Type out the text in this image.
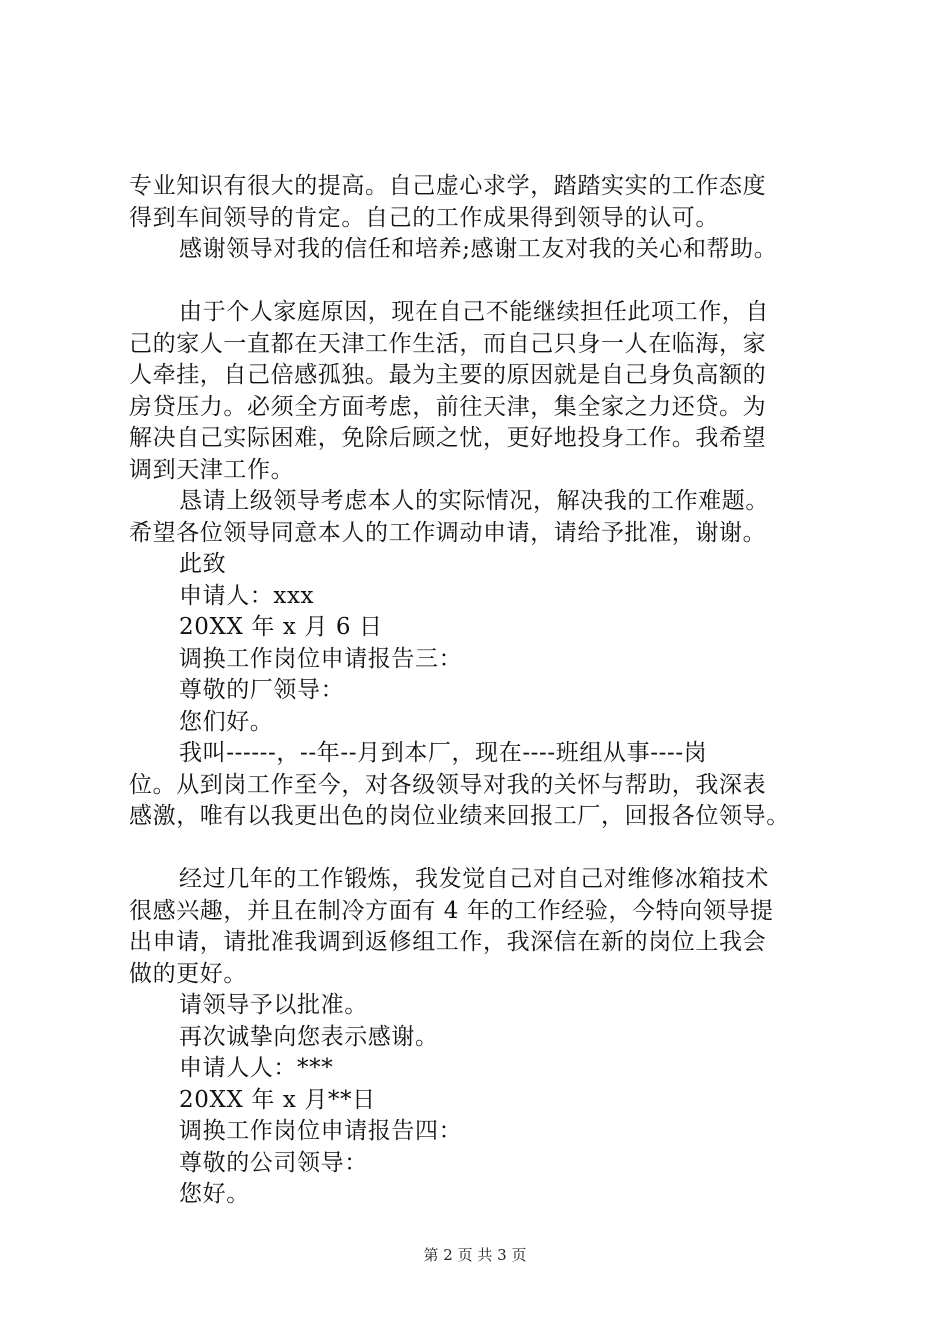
专业知识有很大的提高。自己虚心求学，踏踏实实的工作态度
得到车间领导的肯定。自己的工作成果得到领导的认可。
感谢领导对我的信任和培养;感谢工友对我的关心和帮助。
由于个人家庭原因，现在自己不能继续担任此项工作，自
己的家人一直都在天津工作生活，而自己只身一人在临海，家
人牵挂，自己倍感孤独。最为主要的原因就是自己身负高额的
房贷压力。必须全方面考虑，前往天津，集全家之力还贷。为
解决自己实际困难，免除后顾之忧，更好地投身工作。我希望
调到天津工作。
恳请上级领导考虑本人的实际情况，解决我的工作难题。
希望各位领导同意本人的工作调动申请，请给予批准，谢谢。
此致
申请人：xxx
20XX 年 x 月 6 日
调换工作岗位申请报告三：
尊敬的厂领导：
您们好。
我叫------，--年--月到本厂，现在----班组从事----岗
位。从到岗工作至今，对各级领导对我的关怀与帮助，我深表
感激，唯有以我更出色的岗位业绩来回报工厂，回报各位领导。
经过几年的工作锻炼，我发觉自己对自己对维修冰箱技术
很感兴趣，并且在制冷方面有 4 年的工作经验，今特向领导提
出申请，请批准我调到返修组工作，我深信在新的岗位上我会
做的更好。
请领导予以批准。
再次诚挚向您表示感谢。
申请人人：***
20XX 年 x 月**日
调换工作岗位申请报告四：
尊敬的公司领导：
您好。
第 2 页 共 3 页
